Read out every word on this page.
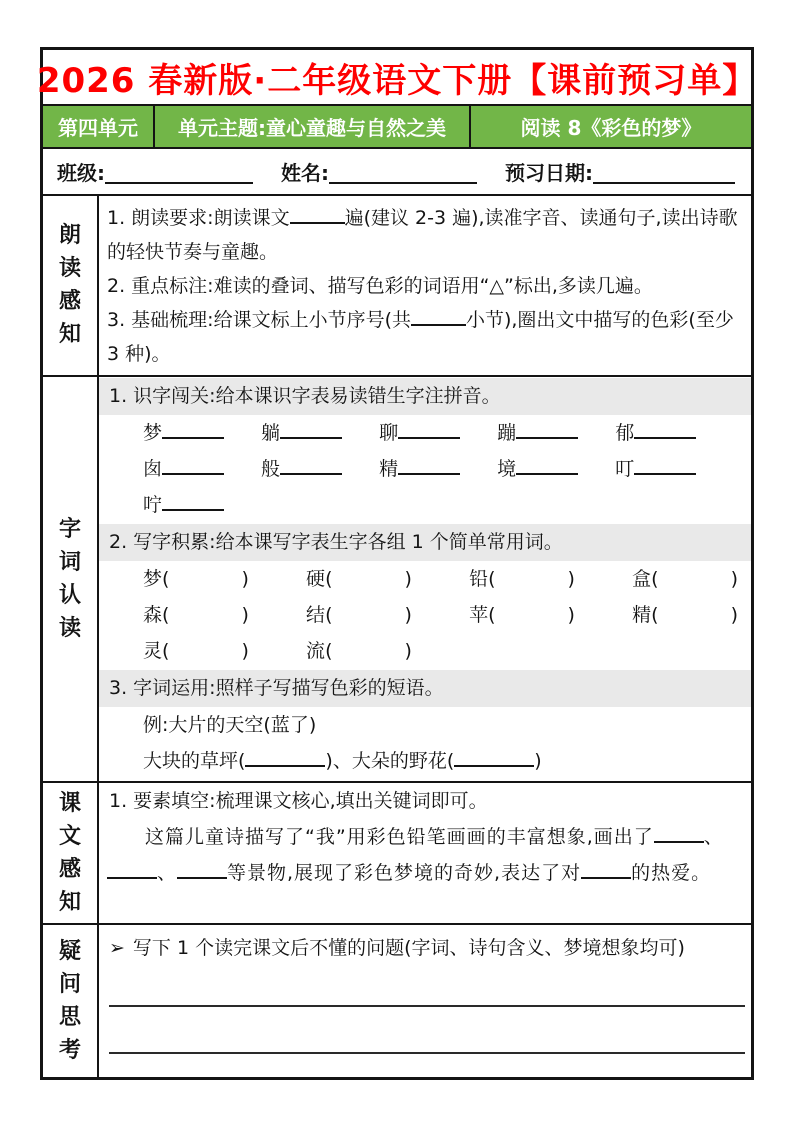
2026 春新版·二年级语文下册【课前预习单】
第四单元	单元主题:童心童趣与自然之美	阅读 8《彩色的梦》
班级:	姓名:	预习日期:
朗
读
感
知

1. 朗读要求:朗读课文	遍(建议 2-3 遍),读准字音、读通句子,读出诗歌的轻快节奏与童趣。

2. 重点标注:难读的叠词、描写色彩的词语用“△”标出,多读几遍。

3. 基础梳理:给课文标上小节序号(共	小节),圈出文中描写的色彩(至少 3 种)。

字
词
认
读
1. 识字闯关:给本课识字表易读错生字注拼音。
梦	躺	聊	蹦	郁
囱	般	精	境	叮
咛
2. 写字积累:给本课写字表生字各组 1 个简单常用词。
梦(	)	硬(	)	铅(	)	盒(	)
森(	)	结(	)	苹(	)	精(	)
灵(	)	流(	)
3. 字词运用:照样子写描写色彩的短语。
例:大片的天空(蓝了)
大块的草坪(	)、大朵的野花(	)
课
文
感
知
1. 要素填空:梳理课文核心,填出关键词即可。

这篇儿童诗描写了“我”用彩色铅笔画画的丰富想象,画出了	、、	等景物,展现了彩色梦境的奇妙,表达了对	的热爱。

疑
问
思
考

➢ 写下 1 个读完课文后不懂的问题(字词、诗句含义、梦境想象均可)
